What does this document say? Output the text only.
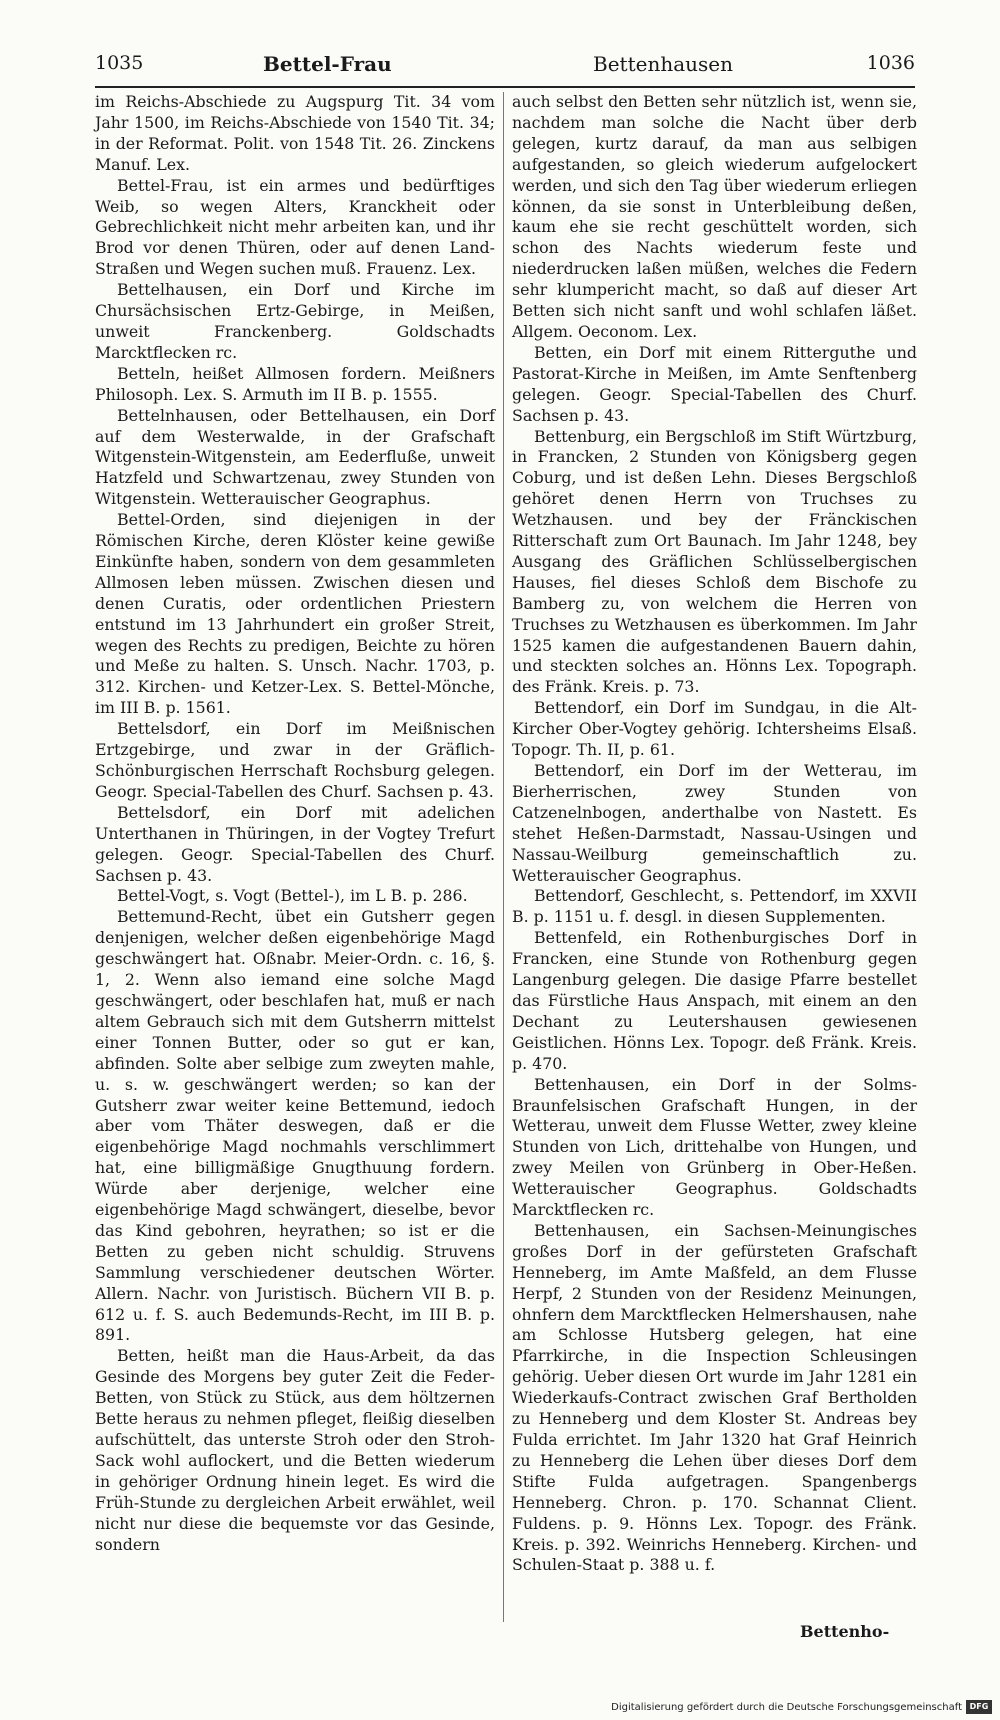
1035	Bettel-Frau	Bettenhausen	1036

im Reichs-Abschiede zu Augspurg Tit. 34 vom Jahr 1500, im Reichs-Abschiede von 1540 Tit. 34; in der Reformat. Polit. von 1548 Tit. 26. Zinckens Manuf. Lex.

Bettel-Frau, ist ein armes und bedürftiges Weib, so wegen Alters, Kranckheit oder Gebrechlichkeit nicht mehr arbeiten kan, und ihr Brod vor denen Thüren, oder auf denen Land-Straßen und Wegen suchen muß. Frauenz. Lex.

Bettelhausen, ein Dorf und Kirche im Chursächsischen Ertz-Gebirge, in Meißen, unweit Franckenberg. Goldschadts Marcktflecken rc.

Betteln, heißet Allmosen fordern. Meißners Philosoph. Lex. S. Armuth im II B. p. 1555.

Bettelnhausen, oder Bettelhausen, ein Dorf auf dem Westerwalde, in der Grafschaft Witgenstein-Witgenstein, am Eederfluße, unweit Hatzfeld und Schwartzenau, zwey Stunden von Witgenstein. Wetterauischer Geographus.

Bettel-Orden, sind diejenigen in der Römischen Kirche, deren Klöster keine gewiße Einkünfte haben, sondern von dem gesammleten Allmosen leben müssen. Zwischen diesen und denen Curatis, oder ordentlichen Priestern entstund im 13 Jahrhundert ein großer Streit, wegen des Rechts zu predigen, Beichte zu hören und Meße zu halten. S. Unsch. Nachr. 1703, p. 312. Kirchen- und Ketzer-Lex. S. Bettel-Mönche, im III B. p. 1561.

Bettelsdorf, ein Dorf im Meißnischen Ertzgebirge, und zwar in der Gräflich-Schönburgischen Herrschaft Rochsburg gelegen. Geogr. Special-Tabellen des Churf. Sachsen p. 43.

Bettelsdorf, ein Dorf mit adelichen Unterthanen in Thüringen, in der Vogtey Trefurt gelegen. Geogr. Special-Tabellen des Churf. Sachsen p. 43.

Bettel-Vogt, s. Vogt (Bettel-), im L B. p. 286.

Bettemund-Recht, übet ein Gutsherr gegen denjenigen, welcher deßen eigenbehörige Magd geschwängert hat. Oßnabr. Meier-Ordn. c. 16, §. 1, 2. Wenn also iemand eine solche Magd geschwängert, oder beschlafen hat, muß er nach altem Gebrauch sich mit dem Gutsherrn mittelst einer Tonnen Butter, oder so gut er kan, abfinden. Solte aber selbige zum zweyten mahle, u. s. w. geschwängert werden; so kan der Gutsherr zwar weiter keine Bettemund, iedoch aber vom Thäter deswegen, daß er die eigenbehörige Magd nochmahls verschlimmert hat, eine billigmäßige Gnugthuung fordern. Würde aber derjenige, welcher eine eigenbehörige Magd schwängert, dieselbe, bevor das Kind gebohren, heyrathen; so ist er die Betten zu geben nicht schuldig. Struvens Sammlung verschiedener deutschen Wörter. Allern. Nachr. von Juristisch. Büchern VII B. p. 612 u. f. S. auch Bedemunds-Recht, im III B. p. 891.

Betten, heißt man die Haus-Arbeit, da das Gesinde des Morgens bey guter Zeit die Feder-Betten, von Stück zu Stück, aus dem höltzernen Bette heraus zu nehmen pfleget, fleißig dieselben aufschüttelt, das unterste Stroh oder den Stroh-Sack wohl auflockert, und die Betten wiederum in gehöriger Ordnung hinein leget. Es wird die Früh-Stunde zu dergleichen Arbeit erwählet, weil nicht nur diese die bequemste vor das Gesinde, sondern

auch selbst den Betten sehr nützlich ist, wenn sie, nachdem man solche die Nacht über derb gelegen, kurtz darauf, da man aus selbigen aufgestanden, so gleich wiederum aufgelockert werden, und sich den Tag über wiederum erliegen können, da sie sonst in Unterbleibung deßen, kaum ehe sie recht geschüttelt worden, sich schon des Nachts wiederum feste und niederdrucken laßen müßen, welches die Federn sehr klumpericht macht, so daß auf dieser Art Betten sich nicht sanft und wohl schlafen läßet. Allgem. Oeconom. Lex.

Betten, ein Dorf mit einem Ritterguthe und Pastorat-Kirche in Meißen, im Amte Senftenberg gelegen. Geogr. Special-Tabellen des Churf. Sachsen p. 43.

Bettenburg, ein Bergschloß im Stift Würtzburg, in Francken, 2 Stunden von Königsberg gegen Coburg, und ist deßen Lehn. Dieses Bergschloß gehöret denen Herrn von Truchses zu Wetzhausen. und bey der Fränckischen Ritterschaft zum Ort Baunach. Im Jahr 1248, bey Ausgang des Gräflichen Schlüsselbergischen Hauses, fiel dieses Schloß dem Bischofe zu Bamberg zu, von welchem die Herren von Truchses zu Wetzhausen es überkommen. Im Jahr 1525 kamen die aufgestandenen Bauern dahin, und steckten solches an. Hönns Lex. Topograph. des Fränk. Kreis. p. 73.

Bettendorf, ein Dorf im Sundgau, in die Alt-Kircher Ober-Vogtey gehörig. Ichtersheims Elsaß. Topogr. Th. II, p. 61.

Bettendorf, ein Dorf im der Wetterau, im Bierherrischen, zwey Stunden von Catzenelnbogen, anderthalbe von Nastett. Es stehet Heßen-Darmstadt, Nassau-Usingen und Nassau-Weilburg gemeinschaftlich zu. Wetterauischer Geographus.

Bettendorf, Geschlecht, s. Pettendorf, im XXVII B. p. 1151 u. f. desgl. in diesen Supplementen.

Bettenfeld, ein Rothenburgisches Dorf in Francken, eine Stunde von Rothenburg gegen Langenburg gelegen. Die dasige Pfarre bestellet das Fürstliche Haus Anspach, mit einem an den Dechant zu Leutershausen gewiesenen Geistlichen. Hönns Lex. Topogr. deß Fränk. Kreis. p. 470.

Bettenhausen, ein Dorf in der Solms-Braunfelsischen Grafschaft Hungen, in der Wetterau, unweit dem Flusse Wetter, zwey kleine Stunden von Lich, drittehalbe von Hungen, und zwey Meilen von Grünberg in Ober-Heßen. Wetterauischer Geographus. Goldschadts Marcktflecken rc.

Bettenhausen, ein Sachsen-Meinungisches großes Dorf in der gefürsteten Grafschaft Henneberg, im Amte Maßfeld, an dem Flusse Herpf, 2 Stunden von der Residenz Meinungen, ohnfern dem Marcktflecken Helmershausen, nahe am Schlosse Hutsberg gelegen, hat eine Pfarrkirche, in die Inspection Schleusingen gehörig. Ueber diesen Ort wurde im Jahr 1281 ein Wiederkaufs-Contract zwischen Graf Bertholden zu Henneberg und dem Kloster St. Andreas bey Fulda errichtet. Im Jahr 1320 hat Graf Heinrich zu Henneberg die Lehen über dieses Dorf dem Stifte Fulda aufgetragen. Spangenbergs Henneberg. Chron. p. 170. Schannat Client. Fuldens. p. 9. Hönns Lex. Topogr. des Fränk. Kreis. p. 392. Weinrichs Henneberg. Kirchen- und Schulen-Staat p. 388 u. f.

Bettenho-
Digitalisierung gefördert durch die Deutsche Forschungsgemeinschaft DFG
